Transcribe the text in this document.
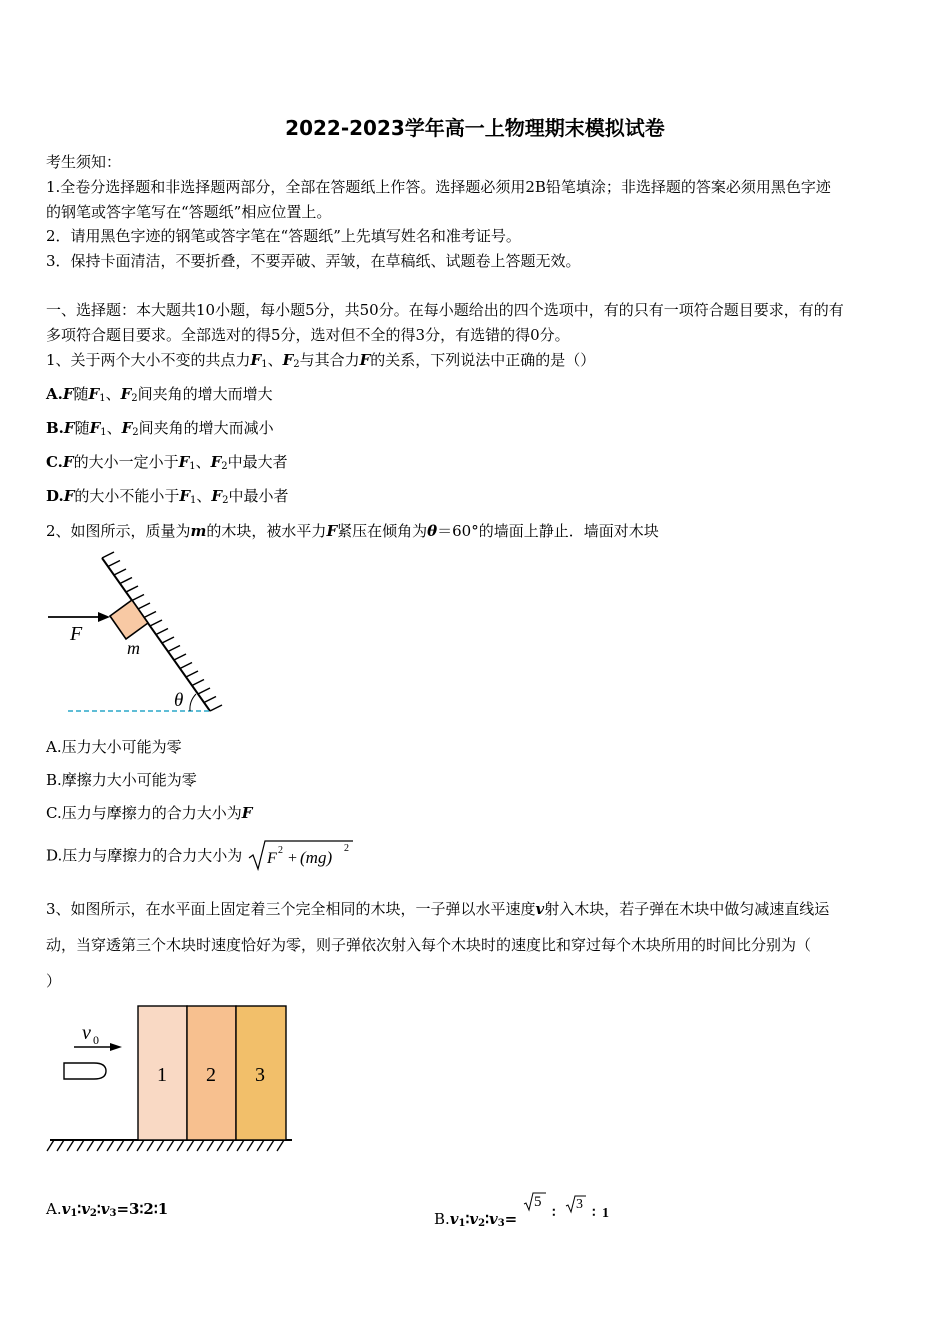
2022-2023学年高一上物理期末模拟试卷
考生须知：
1.全卷分选择题和非选择题两部分，全部在答题纸上作答。选择题必须用2B铅笔填涂；非选择题的答案必须用黑色字迹
的钢笔或答字笔写在“答题纸”相应位置上。
2．请用黑色字迹的钢笔或答字笔在“答题纸”上先填写姓名和准考证号。
3．保持卡面清洁，不要折叠，不要弄破、弄皱，在草稿纸、试题卷上答题无效。
一、选择题：本大题共10小题，每小题5分，共50分。在每小题给出的四个选项中，有的只有一项符合题目要求，有的有
多项符合题目要求。全部选对的得5分，选对但不全的得3分，有选错的得0分。
1、关于两个大小不变的共点力$F_1$、$F_2$与其合力F的关系，下列说法中正确的是（）
A.F随$F_1$、$F_2$间夹角的增大而增大
B.F随$F_1$、$F_2$间夹角的增大而减小
C.F的大小一定小于$F_1$、$F_2$中最大者
D.F的大小不能小于$F_1$、$F_2$中最小者
2、如图所示，质量为m的木块，被水平力F紧压在倾角为θ＝60°的墙面上静止．墙面对木块
F
m
θ
A.压力大小可能为零
B.摩擦力大小可能为零
C.压力与摩擦力的合力大小为F
D.压力与摩擦力的合力大小为 F 2 + (mg) 2
3、如图所示，在水平面上固定着三个完全相同的木块，一子弹以水平速度v射入木块，若子弹在木块中做匀减速直线运
动，当穿透第三个木块时速度恰好为零，则子弹依次射入每个木块时的速度比和穿过每个木块所用的时间比分别为（
）
1 2 3
v 0
$A.v_1∶v_2∶v_3=3∶2∶1$
$B.v_1∶v_2∶v_3=$
5
∶
3
∶ 1
